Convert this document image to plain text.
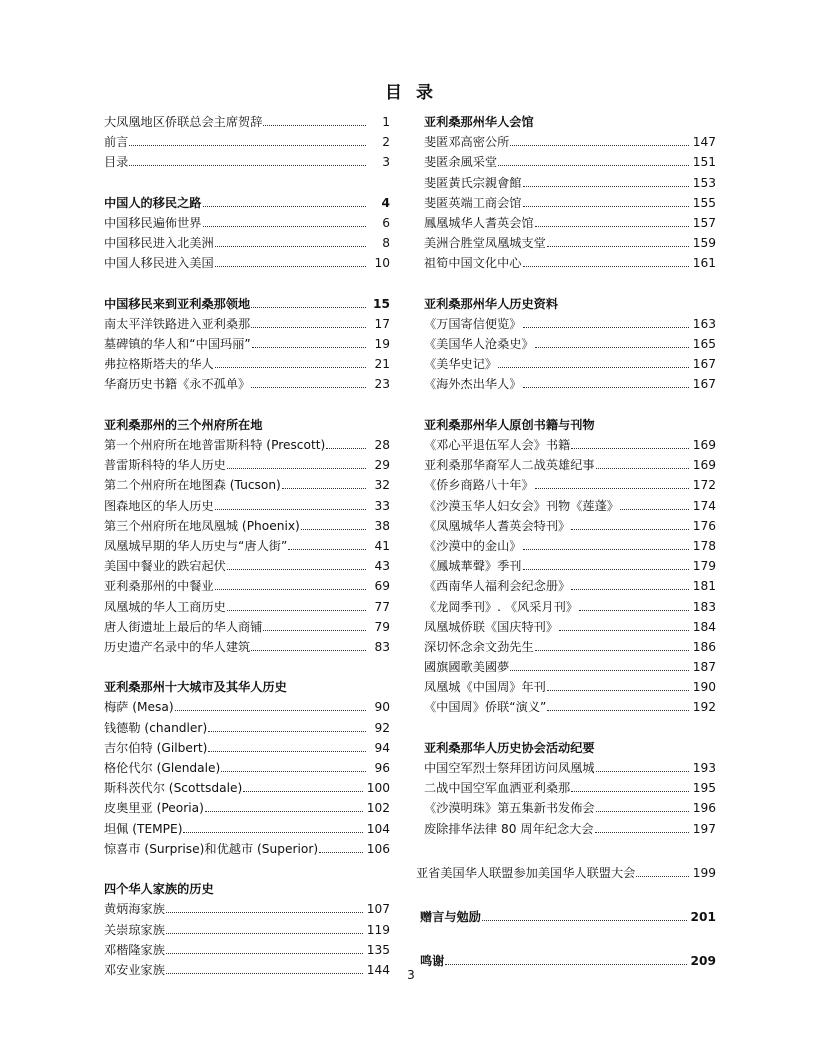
目 录
大凤凰地区侨联总会主席贺辞	1
前言	2
目录	3
中国人的移民之路	4
中国移民遍佈世界	6
中国移民进入北美洲	8
中国人移民进入美国	10
中国移民来到亚利桑那领地	15
南太平洋铁路进入亚利桑那	17
墓碑镇的华人和“中国玛丽”	19
弗拉格斯塔夫的华人	21
华裔历史书籍《永不孤单》	23
亚利桑那州的三个州府所在地
第一个州府所在地普雷斯科特 (Prescott)	28
普雷斯科特的华人历史	29
第二个州府所在地图森 (Tucson)	32
图森地区的华人历史	33
第三个州府所在地凤凰城 (Phoenix)	38
凤凰城早期的华人历史与“唐人街”	41
美国中餐业的跌宕起伏	43
亚利桑那州的中餐业	69
凤凰城的华人工商历史	77
唐人街遗址上最后的华人商铺	79
历史遗产名录中的华人建筑	83
亚利桑那州十大城市及其华人历史
梅萨 (Mesa)	90
钱德勒 (chandler)	92
吉尔伯特 (Gilbert)	94
格伦代尔 (Glendale)	96
斯科茨代尔 (Scottsdale)	100
皮奥里亚 (Peoria)	102
坦佩 (TEMPE)	104
惊喜市 (Surprise)和优越市 (Superior)	106
四个华人家族的历史
黄炳海家族	107
关崇琼家族	119
邓楷隆家族	135
邓安业家族	144
亚利桑那州华人会馆
斐匿邓高密公所	147
斐匿余風采堂	151
斐匿黃氏宗親會館	153
斐匿英端工商会馆	155
鳳凰城华人耆英会馆	157
美洲合胜堂凤凰城支堂	159
祖筍中国文化中心	161
亚利桑那州华人历史资料
《万国寄信便览》	163
《美国华人沧桑史》	165
《美华史记》	167
《海外杰出华人》	167
亚利桑那州华人原创书籍与刊物
《邓心平退伍军人会》书籍	169
亚利桑那华裔军人二战英雄纪事	169
《侨乡商路八十年》	172
《沙漠玉华人妇女会》刊物《莲蓬》	174
《凤凰城华人耆英会特刊》	176
《沙漠中的金山》	178
《鳳城華聲》季刊	179
《西南华人福利会纪念册》	181
《龙岡季刊》. 《风采月刊》	183
凤凰城侨联《国庆特刊》	184
深切怀念余文劲先生	186
國旗國歌美國夢	187
凤凰城《中国周》年刊	190
《中国周》侨联“演义”	192
亚利桑那华人历史协会活动纪要
中国空军烈士祭拜团访问凤凰城	193
二战中国空军血洒亚利桑那	195
《沙漠明珠》第五集新书发佈会	196
废除排华法律 80 周年纪念大会	197
亚省美国华人联盟参加美国华人联盟大会	199
赠言与勉励	201
鸣谢	209
3
